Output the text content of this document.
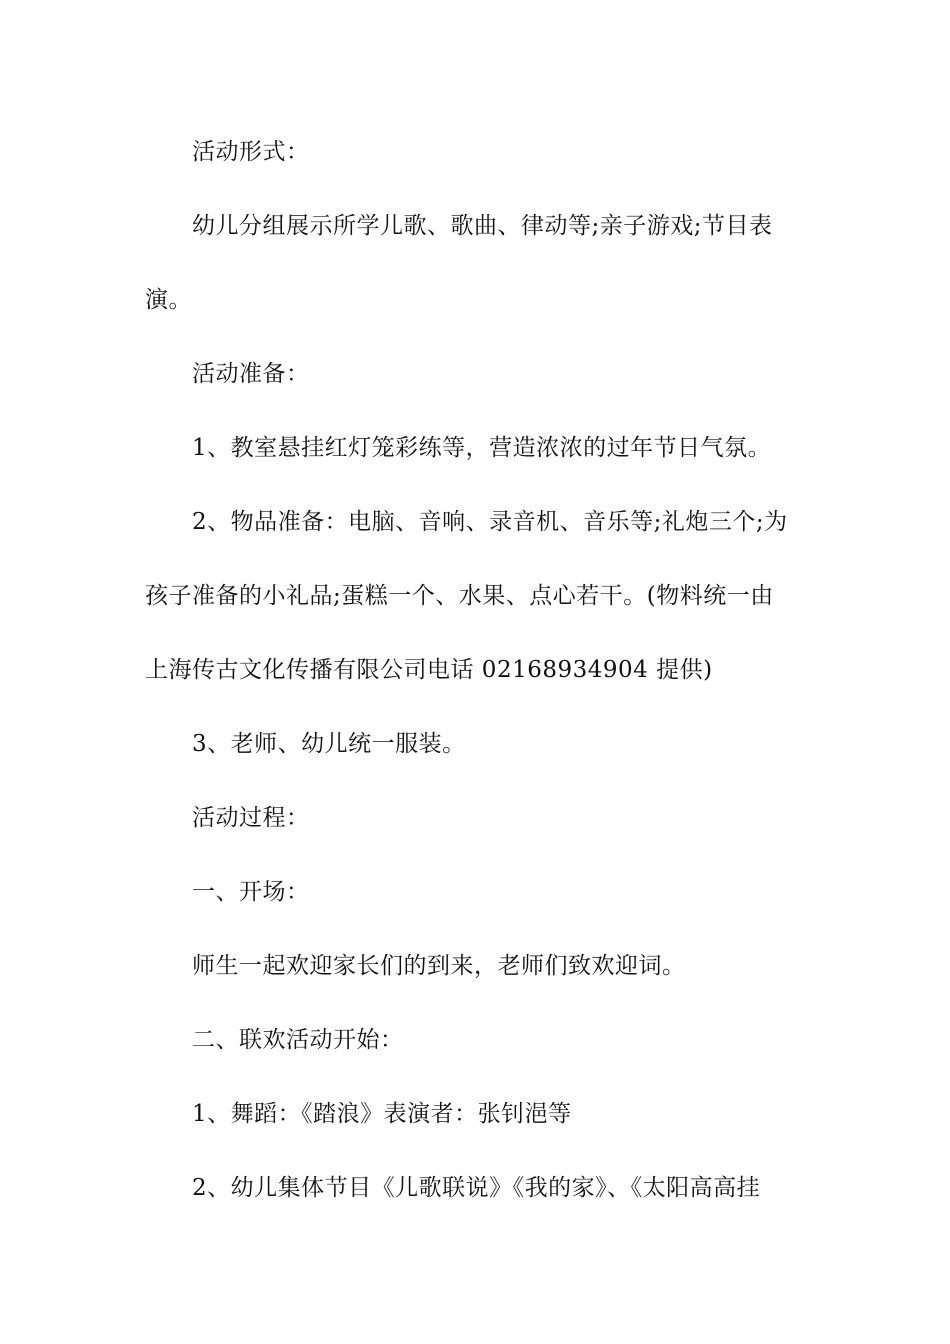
活动形式：
幼儿分组展示所学儿歌、歌曲、律动等;亲子游戏;节目表
演。
活动准备：
1、教室悬挂红灯笼彩练等，营造浓浓的过年节日气氛。
2、物品准备：电脑、音响、录音机、音乐等;礼炮三个;为
孩子准备的小礼品;蛋糕一个、水果、点心若干。(物料统一由
上海传古文化传播有限公司电话 02168934904 提供)
3、老师、幼儿统一服装。
活动过程：
一、开场：
师生一起欢迎家长们的到来，老师们致欢迎词。
二、联欢活动开始：
1、舞蹈：《踏浪》表演者：张钊浥等
2、幼儿集体节目《儿歌联说》《我的家》、《太阳高高挂
